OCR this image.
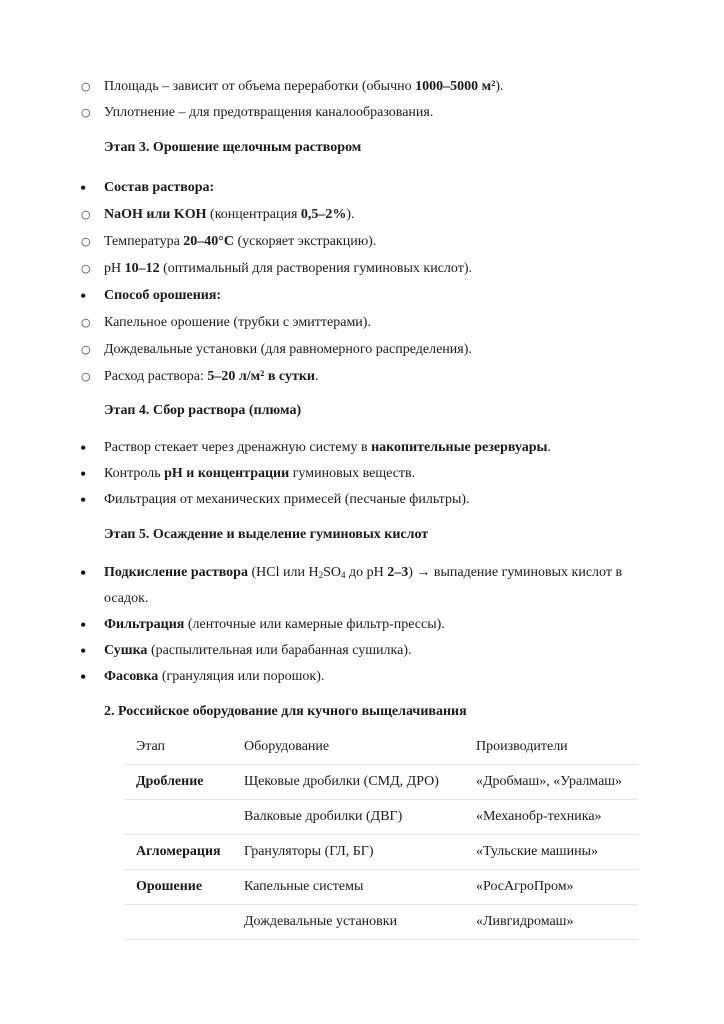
○ Площадь – зависит от объема переработки (обычно 1000–5000 м²).
○ Уплотнение – для предотвращения каналообразования.
Этап 3. Орошение щелочным раствором
• Состав раствора:
○ NaOH или KOH (концентрация 0,5–2%).
○ Температура 20–40°C (ускоряет экстракцию).
○ pH 10–12 (оптимальный для растворения гуминовых кислот).
• Способ орошения:
○ Капельное орошение (трубки с эмиттерами).
○ Дождевальные установки (для равномерного распределения).
○ Расход раствора: 5–20 л/м² в сутки.
Этап 4. Сбор раствора (плюма)
• Раствор стекает через дренажную систему в накопительные резервуары.
• Контроль pH и концентрации гуминовых веществ.
• Фильтрация от механических примесей (песчаные фильтры).
Этап 5. Осаждение и выделение гуминовых кислот
• Подкисление раствора (HCl или $H_2SO_4$ до pH 2–3) → выпадение гуминовых кислот в
осадок.
• Фильтрация (ленточные или камерные фильтр-прессы).
• Сушка (распылительная или барабанная сушилка).
• Фасовка (грануляция или порошок).
2. Российское оборудование для кучного выщелачивания
Этап	Оборудование	Производители
Дробление	Щековые дробилки (СМД, ДРО)	«Дробмаш», «Уралмаш»
	Валковые дробилки (ДВГ)	«Механобр-техника»
Агломерация	Грануляторы (ГЛ, БГ)	«Тульские машины»
Орошение	Капельные системы	«РосАгроПром»
	Дождевальные установки	«Ливгидромаш»
